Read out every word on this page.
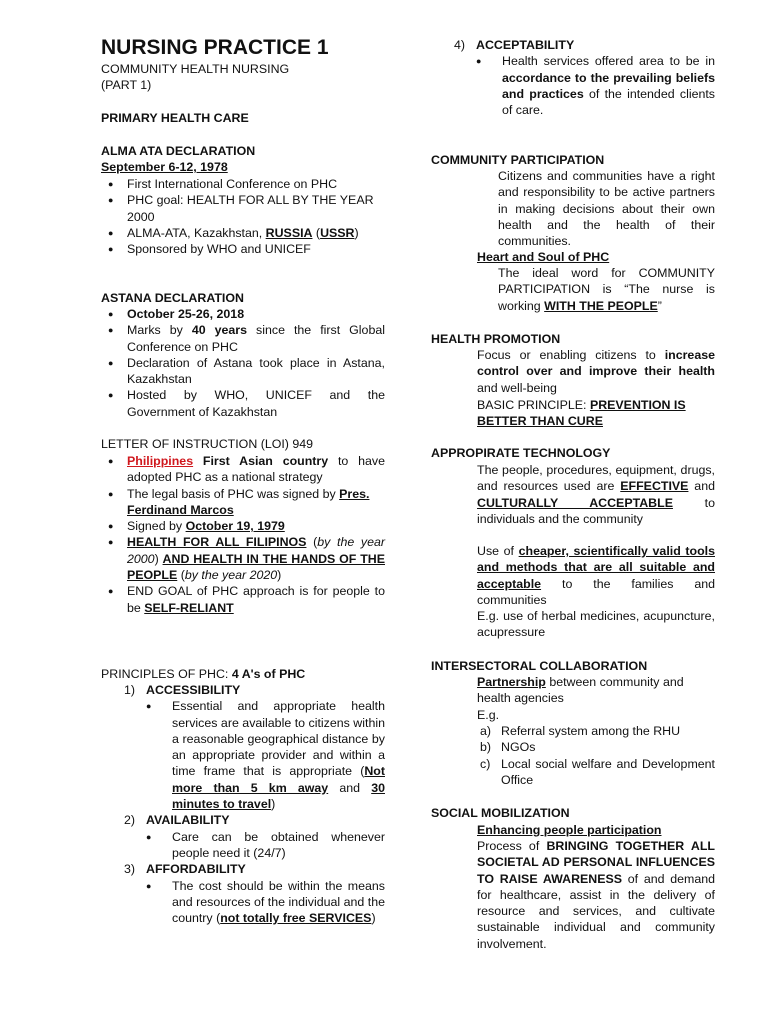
NURSING PRACTICE 1
COMMUNITY HEALTH NURSING
(PART 1)
PRIMARY HEALTH CARE
ALMA ATA DECLARATION
September 6-12, 1978
● First International Conference on PHC
● PHC goal: HEALTH FOR ALL BY THE YEAR 2000
● ALMA-ATA, Kazakhstan, RUSSIA (USSR)
● Sponsored by WHO and UNICEF
ASTANA DECLARATION
● October 25-26, 2018
● Marks by 40 years since the first Global Conference on PHC
● Declaration of Astana took place in Astana, Kazakhstan
● Hosted by WHO, UNICEF and the Government of Kazakhstan
LETTER OF INSTRUCTION (LOI) 949
● Philippines First Asian country to have adopted PHC as a national strategy
● The legal basis of PHC was signed by Pres. Ferdinand Marcos
● Signed by October 19, 1979
● HEALTH FOR ALL FILIPINOS (by the year 2000) AND HEALTH IN THE HANDS OF THE PEOPLE (by the year 2020)
● END GOAL of PHC approach is for people to be SELF-RELIANT
PRINCIPLES OF PHC: 4 A's of PHC
1) ACCESSIBILITY
● Essential and appropriate health services are available to citizens within a reasonable geographical distance by an appropriate provider and within a time frame that is appropriate (Not more than 5 km away and 30 minutes to travel)
2) AVAILABILITY
● Care can be obtained whenever people need it (24/7)
3) AFFORDABILITY
● The cost should be within the means and resources of the individual and the country (not totally free SERVICES)
4) ACCEPTABILITY
● Health services offered area to be in accordance to the prevailing beliefs and practices of the intended clients of care.
COMMUNITY PARTICIPATION
Citizens and communities have a right and responsibility to be active partners in making decisions about their own health and the health of their communities.
Heart and Soul of PHC
The ideal word for COMMUNITY PARTICIPATION is “The nurse is working WITH THE PEOPLE”
HEALTH PROMOTION
Focus or enabling citizens to increase control over and improve their health and well-being
BASIC PRINCIPLE: PREVENTION IS BETTER THAN CURE
APPROPIRATE TECHNOLOGY
The people, procedures, equipment, drugs, and resources used are EFFECTIVE and CULTURALLY ACCEPTABLE	to individuals and the community
Use of cheaper, scientifically valid tools and methods that are all suitable and acceptable to the families and communities
E.g. use of herbal medicines, acupuncture, acupressure
INTERSECTORAL COLLABORATION
Partnership between community and health agencies
E.g.
a) Referral system among the RHU
b) NGOs
c) Local social welfare and Development Office
SOCIAL MOBILIZATION
Enhancing people participation
Process of BRINGING TOGETHER ALL SOCIETAL AD PERSONAL INFLUENCES TO RAISE AWARENESS of and demand for healthcare, assist in the delivery of resource and services, and cultivate sustainable individual and community involvement.
